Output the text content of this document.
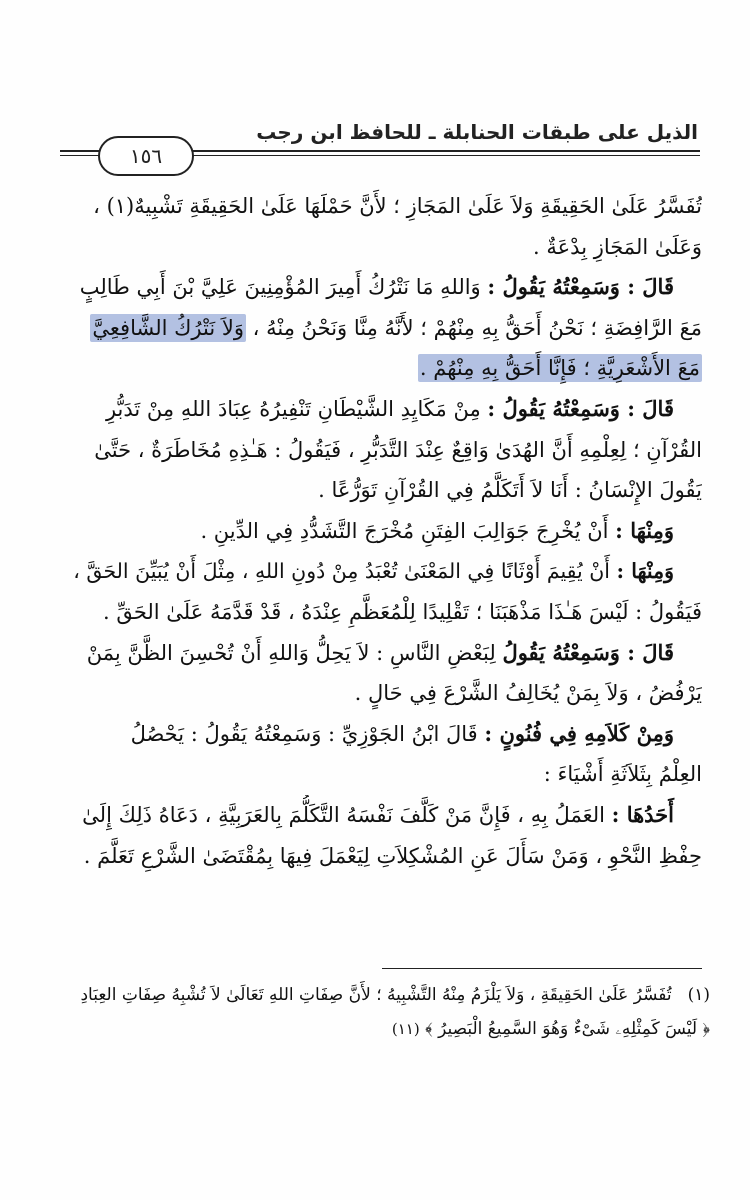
الذيل على طبقات الحنابلة ـ للحافظ ابن رجب
١٥٦
تُفَسَّرُ عَلَىٰ الحَقِيقَةِ وَلاَ عَلَىٰ المَجَازِ ؛ لأَنَّ حَمْلَهَا عَلَىٰ الحَقِيقَةِ تَشْبِيهٌ(١) ،
وَعَلَىٰ المَجَازِ بِدْعَةٌ .
قَالَ : وَسَمِعْتُهُ يَقُولُ : وَاللهِ مَا نَتْرُكُ أَمِيرَ المُؤْمِنِينَ عَلِيَّ بْنَ أَبِي طَالِبٍ
مَعَ الرَّافِضَةِ ؛ نَحْنُ أَحَقُّ بِهِ مِنْهُمْ ؛ لأَنَّهُ مِنَّا وَنَحْنُ مِنْهُ ، وَلاَ نَتْرُكُ الشَّافِعِيَّ
مَعَ الأَشْعَرِيَّةِ ؛ فَإِنَّا أَحَقُّ بِهِ مِنْهُمْ .
قَالَ : وَسَمِعْتُهُ يَقُولُ : مِنْ مَكَايِدِ الشَّيْطَانِ تَنْفِيرُهُ عِبَادَ اللهِ مِنْ تَدَبُّرِ
القُرْآنِ ؛ لِعِلْمِهِ أَنَّ الهُدَىٰ وَاقِعٌ عِنْدَ التَّدَبُّرِ ، فَيَقُولُ : هَـٰذِهِ مُخَاطَرَةٌ ، حَتَّىٰ
يَقُولَ الإِنْسَانُ : أَنَا لاَ أَتَكَلَّمُ فِي القُرْآنِ تَوَرُّعًا .
وَمِنْهَا : أَنْ يُخْرِجَ جَوَالِبَ الفِتَنِ مُخْرَجَ التَّشَدُّدِ فِي الدِّينِ .
وَمِنْهَا : أَنْ يُقِيمَ أَوْثَانًا فِي المَعْنَىٰ تُعْبَدُ مِنْ دُونِ اللهِ ، مِثْلَ أَنْ يُبَيِّنَ الحَقَّ ،
فَيَقُولُ : لَيْسَ هَـٰذَا مَذْهَبَنَا ؛ تَقْلِيدًا لِلْمُعَظَّمِ عِنْدَهُ ، قَدْ قَدَّمَهُ عَلَىٰ الحَقِّ .
قَالَ : وَسَمِعْتُهُ يَقُولُ لِبَعْضِ النَّاسِ : لاَ يَحِلُّ وَاللهِ أَنْ تُحْسِنَ الظَّنَّ بِمَنْ
يَرْفُضُ ، وَلاَ بِمَنْ يُخَالِفُ الشَّرْعَ فِي حَالٍ .
وَمِنْ كَلاَمِهِ فِي فُنُونٍ : قَالَ ابْنُ الجَوْزِيِّ : وَسَمِعْتُهُ يَقُولُ : يَحْصُلُ
العِلْمُ بِثَلاَثَةِ أَشْيَاءَ :
أَحَدُهَا : العَمَلُ بِهِ ، فَإِنَّ مَنْ كَلَّفَ نَفْسَهُ التَّكَلُّمَ بِالعَرَبِيَّةِ ، دَعَاهُ ذَلِكَ إِلَىٰ
حِفْظِ النَّحْوِ ، وَمَنْ سَأَلَ عَنِ المُشْكِلاَتِ لِيَعْمَلَ فِيهَا بِمُقْتَضَىٰ الشَّرْعِ تَعَلَّمَ .
(١)تُفَسَّرُ عَلَىٰ الحَقِيقَةِ ، وَلاَ يَلْزَمُ مِنْهُ التَّشْبِيهُ ؛ لأَنَّ صِفَاتِ اللهِ تَعَالَىٰ لاَ تُشْبِهُ صِفَاتِ العِبَادِ
﴿ لَيْسَ كَمِثْلِهِۦ شَىْءٌ وَهُوَ السَّمِيعُ الْبَصِيرُ ﴾ (١١)
